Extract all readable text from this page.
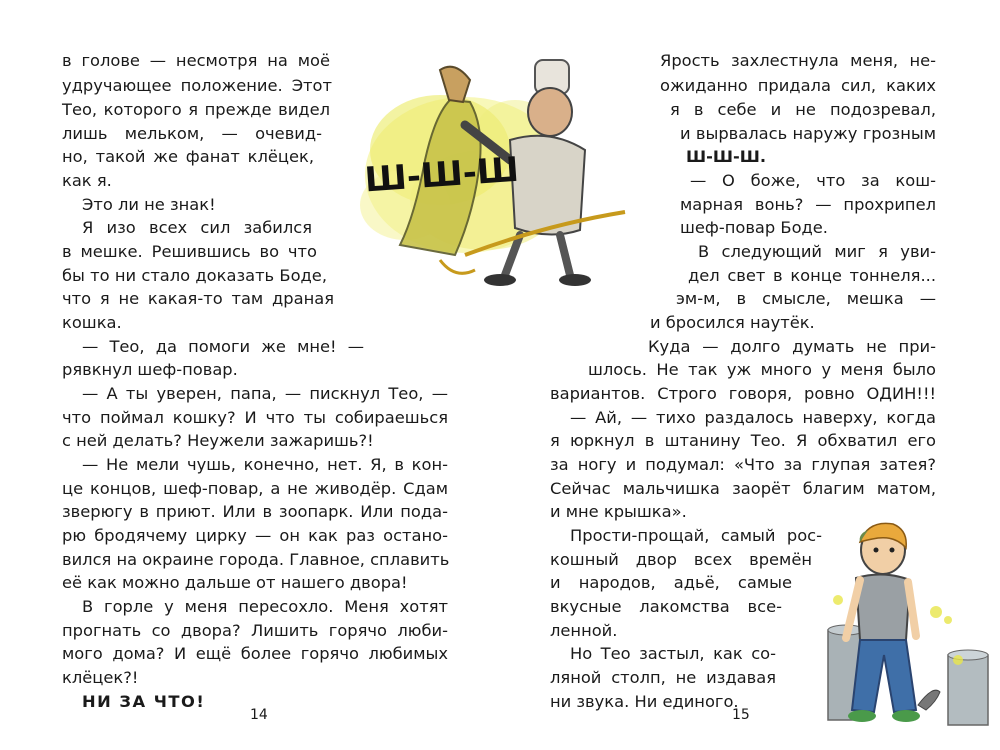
в голове — несмотря на моё
удручающее положение. Этот
Тео, которого я прежде видел
лишь мельком, — очевид-
но, такой же фанат клёцек,
как я.
Это ли не знак!
Я изо всех сил забился
в мешке. Решившись во что
бы то ни стало доказать Боде,
что я не какая-то там драная
кошка.
— Тео, да помоги же мне! —
рявкнул шеф-повар.
— А ты уверен, папа, — пискнул Тео, —
что поймал кошку? И что ты собираешься
с ней делать? Неужели зажаришь?!
— Не мели чушь, конечно, нет. Я, в кон-
це концов, шеф-повар, а не живодёр. Сдам
зверюгу в приют. Или в зоопарк. Или пода-
рю бродячему цирку — он как раз остано-
вился на окраине города. Главное, сплавить
её как можно дальше от нашего двора!
В горле у меня пересохло. Меня хотят
прогнать со двора? Лишить горячо люби-
мого дома? И ещё более горячо любимых
клёцек?!
НИ ЗА ЧТО!
14
Ярость захлестнула меня, не-
ожиданно придала сил, каких
я в себе и не подозревал,
и вырвалась наружу грозным
Ш-Ш-Ш.
— О боже, что за кош-
марная вонь? — прохрипел
шеф-повар Боде.
В следующий миг я уви-
дел свет в конце тоннеля...
эм-м, в смысле, мешка —
и бросился наутёк.
Куда — долго думать не при-
шлось. Не так уж много у меня было
вариантов. Строго говоря, ровно ОДИН!!!
— Ай, — тихо раздалось наверху, когда
я юркнул в штанину Тео. Я обхватил его
за ногу и подумал: «Что за глупая затея?
Сейчас мальчишка заорёт благим матом,
и мне крышка».
Прости-прощай, самый рос-
кошный двор всех времён
и народов, адьё, самые
вкусные лакомства все-
ленной.
Но Тео застыл, как со-
ляной столп, не издавая
ни звука. Ни единого.
15
Ш-Ш-Ш
